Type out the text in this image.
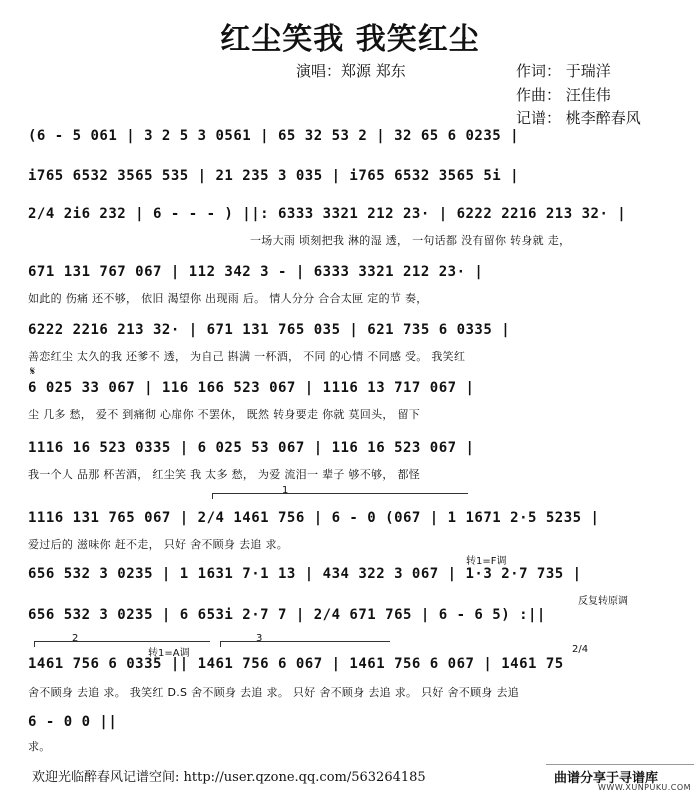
红尘笑我 我笑红尘
演唱：郑源 郑东	作词： 于瑞洋
作曲： 汪佳伟
记谱： 桃李醉春风
(6 - 5 061 | 3 2 5 3 0561 | 65 32 53 2 | 32 65 6 0235 |
i765 6532 3565 535 | 21 235 3 035 | i765 6532 3565 5i |
2/4 2i6 232 | 6 - - - ) ||: 6333 3321 212 23· | 6222 2216 213 32· |
一场大雨 顷刻把我 淋的湿 透， 一句话都 没有留你 转身就 走，
671 131 767 067 | 112 342 3 - | 6333 3321 212 23· |
如此的 伤痛 还不够， 依旧 渴望你 出现雨 后。 情人分分 合合太匣 定的节 奏，
6222 2216 213 32· | 671 131 765 035 | 621 735 6 0335 |
善恋红尘 太久的我 还爹不 透， 为自己 斟满 一杯酒， 不同 的心情 不同感 受。 我笑红
𝄋
6 025 33 067 | 116 166 523 067 | 1116 13 717 067 |
尘 几多 愁， 爱不 到痛彻 心扉你 不罢休， 既然 转身要走 你就 莫回头， 留下
1116 16 523 0335 | 6 025 53 067 | 116 16 523 067 |
我一个人 品那 杯苦酒， 红尘笑 我 太多 愁， 为爱 流泪一 辈子 够不够， 都怪
1
1116 131 765 067 | 2/4 1461 756 | 6 - 0 (067 | 1 1671 2·5 5235 |
爱过后的 滋味你 赶不走， 只好 舍不顾身 去追 求。
转1=F调
656 532 3 0235 | 1 1631 7·1 13 | 434 322 3 067 | 1·3 2·7 735 |
反复转原调
656 532 3 0235 | 6 653i 2·7 7 | 2/4 671 765 | 6 - 6 5) :||
2	3
转1=A调	2/4
1461 756 6 0335 || 1461 756 6 067 | 1461 756 6 067 | 1461 75
舍不顾身 去追 求。 我笑红 D.S 舍不顾身 去追 求。 只好 舍不顾身 去追 求。 只好 舍不顾身 去追
6 - 0 0 ||
求。
欢迎光临醉春风记谱空间: http://user.qzone.qq.com/563264185	曲谱分享于寻谱库
WWW.XUNPUKU.COM
